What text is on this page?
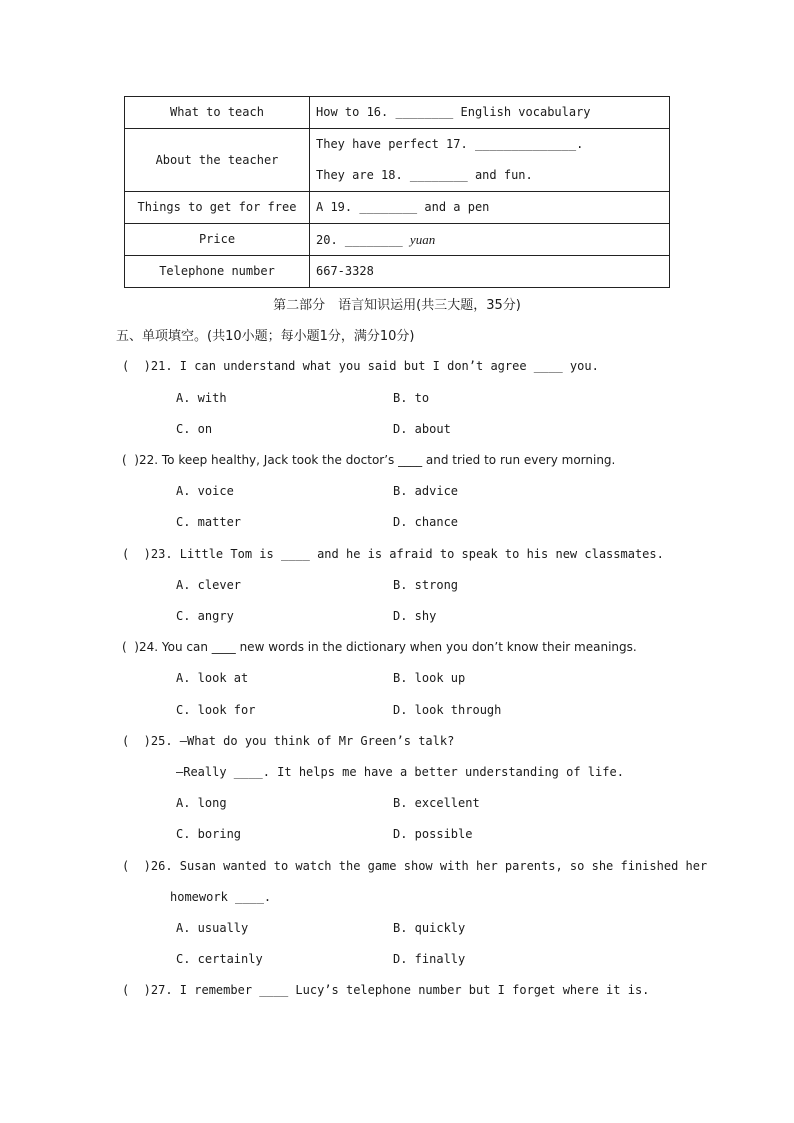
What to teach	How to 16. ________ English vocabulary

About the teacher	They have perfect 17. ______________.
They are 18. ________ and fun.

Things to get for free	A 19. ________ and a pen

Price	20. ________ yuan

Telephone number	667-3328
第二部分　语言知识运用(共三大题，35分)
五、单项填空。(共10小题；每小题1分，满分10分)
(  )21. I can understand what you said but I don’t agree ____ you.
A. with	B. to
C. on	D. about
(  )22. To keep healthy, Jack took the doctor’s ____ and tried to run every morning.
A. voice	B. advice
C. matter	D. chance
(  )23. Little Tom is ____ and he is afraid to speak to his new classmates.
A. clever	B. strong
C. angry	D. shy
(  )24. You can ____ new words in the dictionary when you don’t know their meanings.
A. look at	B. look up
C. look for	D. look through
(  )25. —What do you think of Mr Green’s talk?
—Really ____. It helps me have a better understanding of life.
A. long	B. excellent
C. boring	D. possible
(  )26. Susan wanted to watch the game show with her parents, so she finished her
homework ____.
A. usually	B. quickly
C. certainly	D. finally
(  )27. I remember ____ Lucy’s telephone number but I forget where it is.
